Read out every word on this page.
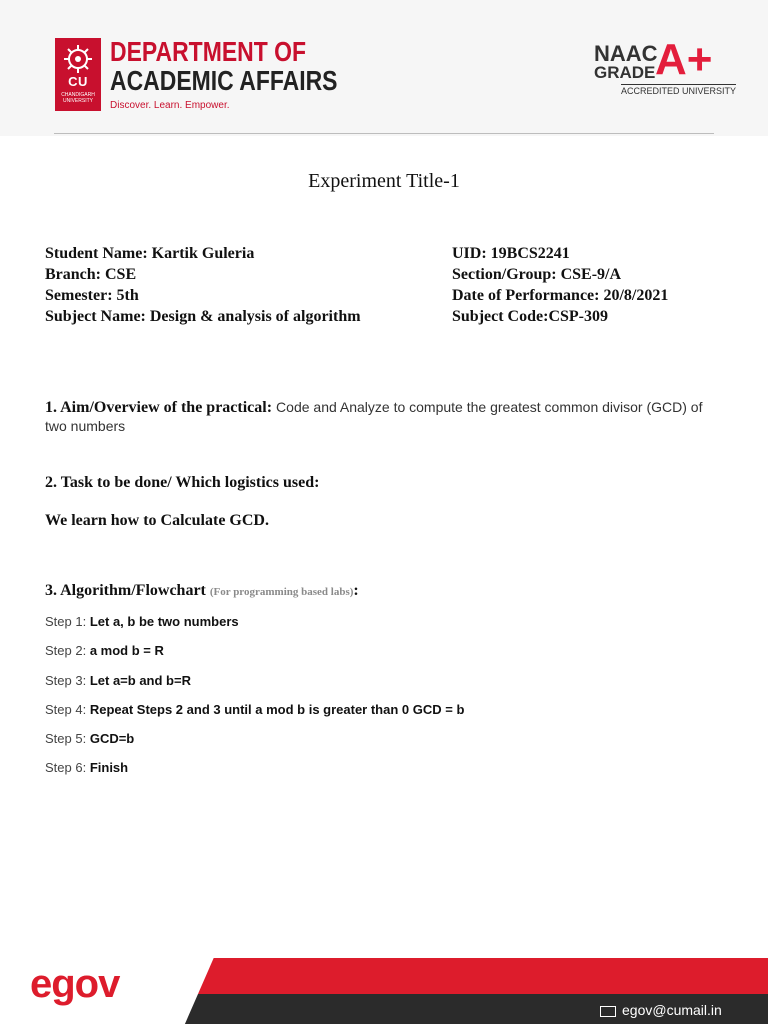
CU
CHANDIGARH UNIVERSITY
DEPARTMENT OF
ACADEMIC AFFAIRS
Discover. Learn. Empower.
NAAC
GRADE A+
ACCREDITED UNIVERSITY
Experiment Title-1
Student Name: Kartik Guleria
Branch: CSE
Semester: 5th
Subject Name: Design & analysis of algorithm
UID: 19BCS2241
Section/Group: CSE-9/A
Date of Performance: 20/8/2021
Subject Code:CSP-309
1. Aim/Overview of the practical: Code and Analyze to compute the greatest common divisor (GCD) of two numbers
2. Task to be done/ Which logistics used:
We learn how to Calculate GCD.
3. Algorithm/Flowchart (For programming based labs):
Step 1: Let a, b be two numbers
Step 2: a mod b = R
Step 3: Let a=b and b=R
Step 4: Repeat Steps 2 and 3 until a mod b is greater than 0 GCD = b
Step 5: GCD=b
Step 6: Finish
egov
egov@cumail.in
